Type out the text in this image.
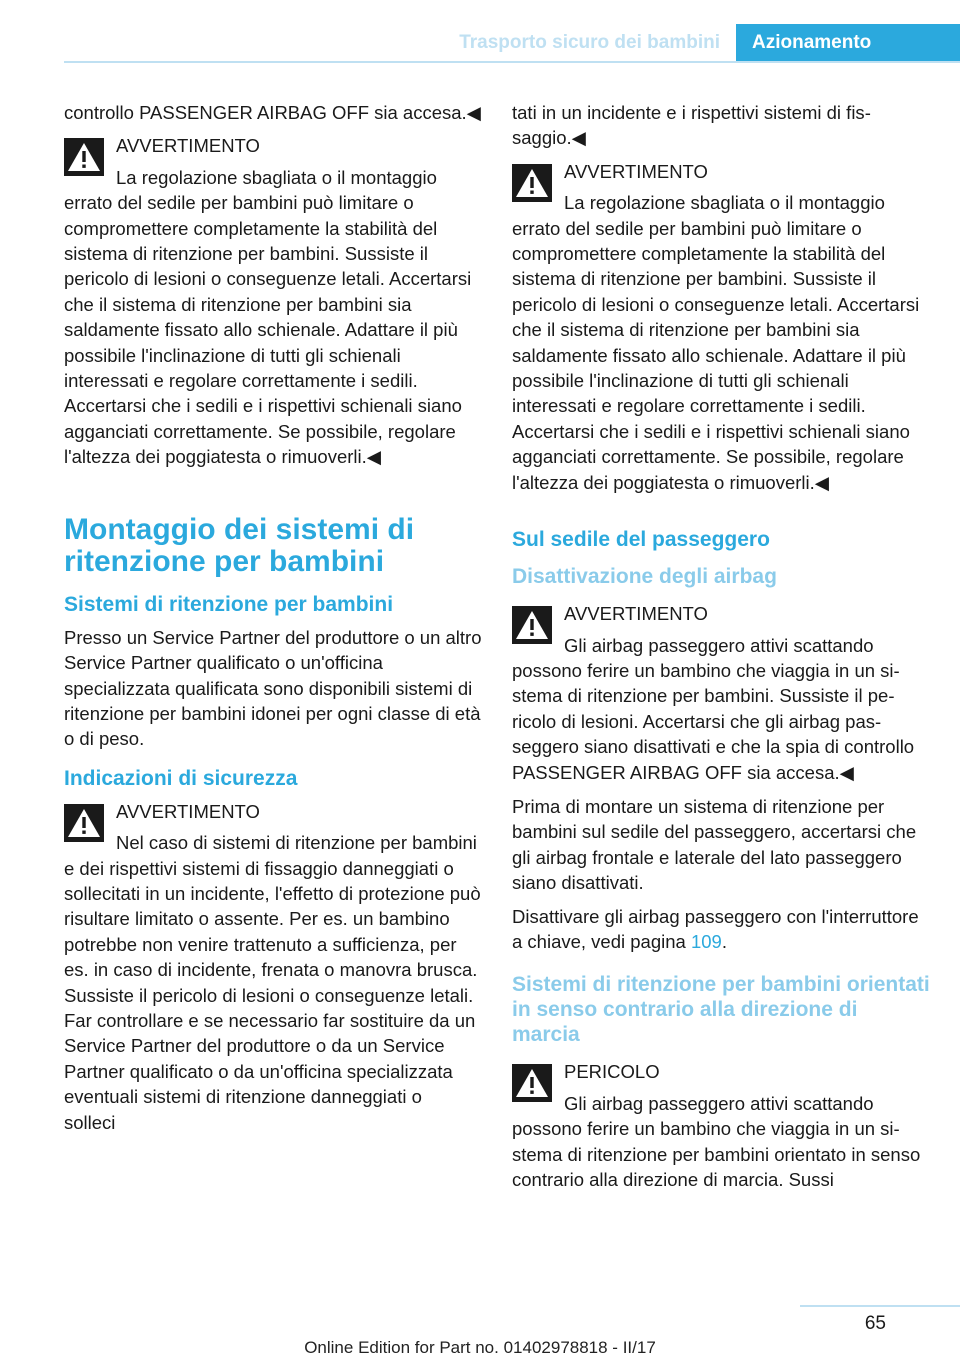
Trasporto sicuro dei bambini	Azionamento

controllo PASSENGER AIRBAG OFF sia accesa.◀

AVVERTIMENTO

La regolazione sbagliata o il montaggio errato del sedile per bambini può limitare o compromettere completamente la stabilità del sistema di ritenzione per bambini. Sussiste il pericolo di lesioni o conseguenze letali. Accertarsi che il sistema di ritenzione per bambini sia saldamente fissato allo schienale. Adattare il più possibile l'inclinazione di tutti gli schienali interessati e regolare correttamente i sedili. Accertarsi che i sedili e i rispettivi schienali siano agganciati correttamente. Se possibile, regolare l'altezza dei poggiatesta o rimuoverli.◀

Montaggio dei sistemi di ritenzione per bambini
Sistemi di ritenzione per bambini

Presso un Service Partner del produttore o un altro Service Partner qualificato o un'officina specializzata qualificata sono disponibili sistemi di ritenzione per bambini idonei per ogni classe di età o di peso.

Indicazioni di sicurezza
AVVERTIMENTO

Nel caso di sistemi di ritenzione per bambini e dei rispettivi sistemi di fissaggio danneggiati o sollecitati in un incidente, l'effetto di protezione può risultare limitato o assente. Per es. un bambino potrebbe non venire trattenuto a sufficienza, per es. in caso di incidente, frenata o manovra brusca. Sussiste il pericolo di lesioni o conseguenze letali. Far controllare e se necessario far sostituire da un Service Partner del produttore o da un Service Partner qualificato o da un'officina specializzata eventuali sistemi di ritenzione danneggiati o solleci

tati in un incidente e i rispettivi sistemi di fissaggio.◀

AVVERTIMENTO

La regolazione sbagliata o il montaggio errato del sedile per bambini può limitare o compromettere completamente la stabilità del sistema di ritenzione per bambini. Sussiste il pericolo di lesioni o conseguenze letali. Accertarsi che il sistema di ritenzione per bambini sia saldamente fissato allo schienale. Adattare il più possibile l'inclinazione di tutti gli schienali interessati e regolare correttamente i sedili. Accertarsi che i sedili e i rispettivi schienali siano agganciati correttamente. Se possibile, regolare l'altezza dei poggiatesta o rimuoverli.◀

Sul sedile del passeggero
Disattivazione degli airbag
AVVERTIMENTO

Gli airbag passeggero attivi scattando possono ferire un bambino che viaggia in un sistema di ritenzione per bambini. Sussiste il pericolo di lesioni. Accertarsi che gli airbag passeggero siano disattivati e che la spia di controllo PASSENGER AIRBAG OFF sia accesa.◀

Prima di montare un sistema di ritenzione per bambini sul sedile del passeggero, accertarsi che gli airbag frontale e laterale del lato passeggero siano disattivati.

Disattivare gli airbag passeggero con l'interruttore a chiave, vedi pagina 109.

Sistemi di ritenzione per bambini orientati in senso contrario alla direzione di marcia
PERICOLO

Gli airbag passeggero attivi scattando possono ferire un bambino che viaggia in un sistema di ritenzione per bambini orientato in senso contrario alla direzione di marcia. Sussi

65
Online Edition for Part no. 01402978818 - II/17
